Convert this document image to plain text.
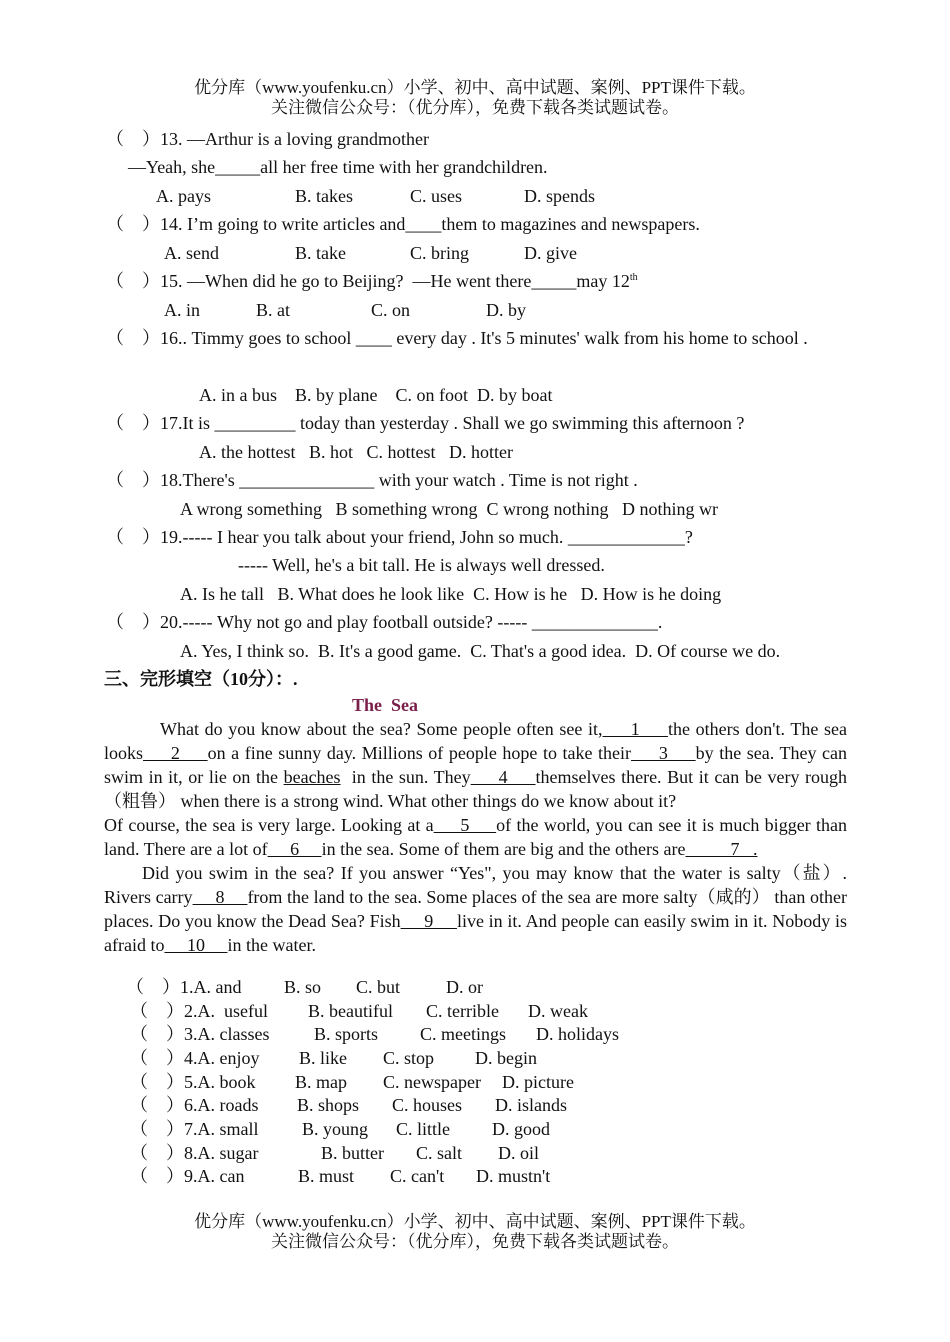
优分库（www.youfenku.cn）小学、初中、高中试题、案例、PPT课件下载。
关注微信公众号：（优分库），免费下载各类试题试卷。
（    ）13. —Arthur is a loving grandmother
—Yeah, she_____all her free time with her grandchildren.
A. pays	B. takes	C. uses	D. spends
（    ）14. I’m going to write articles and____them to magazines and newspapers.
A. send	B. take	C. bring	D. give
（    ）15. —When did he go to Beijing?  —He went there_____may 12th
A. in	B. at	C. on	D. by
（    ）16.. Timmy goes to school ____ every day . It's 5 minutes' walk from his home to school .
A. in a bus    B. by plane    C. on foot  D. by boat
（    ）17.It is _________ today than yesterday . Shall we go swimming this afternoon ?
A. the hottest   B. hot   C. hottest   D. hotter
（    ）18.There's _______________ with your watch . Time is not right .
A wrong something   B something wrong  C wrong nothing   D nothing wr
（    ）19.----- I hear you talk about your friend, John so much. _____________?
----- Well, he's a bit tall. He is always well dressed.
A. Is he tall   B. What does he look like  C. How is he   D. How is he doing
（    ）20.----- Why not go and play football outside? ----- ______________.
A. Yes, I think so.  B. It's a good game.  C. That's a good idea.  D. Of course we do.
三、完形填空（10分）：.
The  Sea
What do you know about the sea? Some people often see it,     1     the others don't. The sea looks     2     on a fine sunny day. Millions of people hope to take their     3     by the sea. They can swim in it, or lie on the beaches  in the sun. They     4     themselves there. But it can be very rough（粗鲁） when there is a strong wind. What other things do we know about it?
Of course, the sea is very large. Looking at a     5     of the world, you can see it is much bigger than land. There are a lot of     6     in the sea. Some of them are big and the others are          7   .
Did you swim in the sea? If you answer “Yes", you may know that the water is salty（盐）. Rivers carry     8     from the land to the sea. Some places of the sea are more salty（咸的） than other places. Do you know the Dead Sea? Fish     9     live in it. And people can easily swim in it. Nobody is afraid to     10     in the water.
（    ）1.A. and B. so C. but	D. or
（    ）2.A.  useful B. beautiful C. terrible D. weak
（    ）3.A. classes B. sports C. meetings D. holidays
（    ）4.A. enjoy B. like C. stop D. begin
（    ）5.A. book B. map C. newspaper D. picture
（    ）6.A. roads B. shops C. houses D. islands
（    ）7.A. small B. young C. little D. good
（    ）8.A. sugar	B. butter C. salt D. oil
（    ）9.A. can	B. must C. can't D. mustn't
优分库（www.youfenku.cn）小学、初中、高中试题、案例、PPT课件下载。
关注微信公众号：（优分库），免费下载各类试题试卷。
